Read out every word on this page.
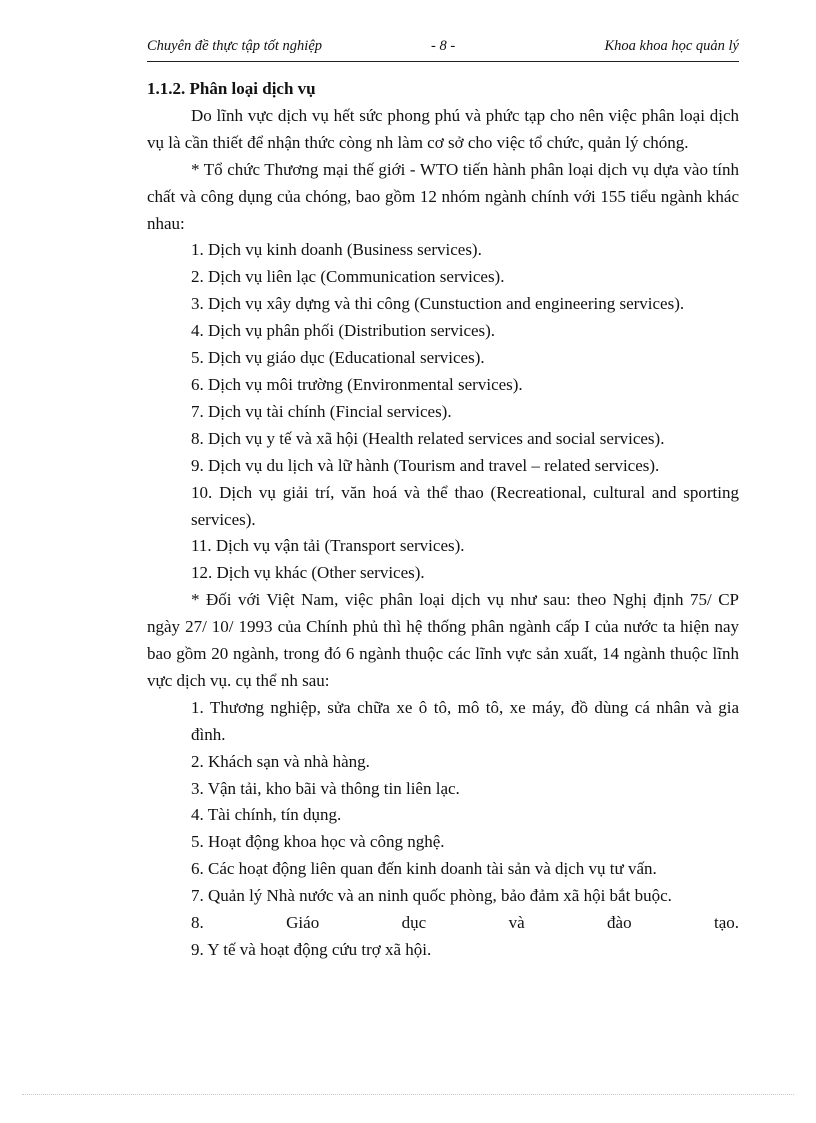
Chuyên đề thực tập tốt nghiệp	- 8 -	Khoa khoa học quản lý

1.1.2. Phân loại dịch vụ

Do lĩnh vực dịch vụ hết sức phong phú và phức tạp cho nên việc phân loại dịch vụ là cần thiết để nhận thức còng nh làm cơ sở cho việc tổ chức, quản lý chóng.

* Tổ chức Thương mại thế giới - WTO tiến hành phân loại dịch vụ dựa vào tính chất và công dụng của chóng, bao gồm 12 nhóm ngành chính với 155 tiểu ngành khác nhau:

1. Dịch vụ kinh doanh (Business services).

2. Dịch vụ liên lạc (Communication services).

3. Dịch vụ xây dựng và thi công (Cunstuction and engineering services).

4. Dịch vụ phân phối (Distribution services).

5. Dịch vụ giáo dục (Educational services).

6. Dịch vụ môi trường (Environmental services).

7. Dịch vụ tài chính (Fincial services).

8. Dịch vụ y tế và xã hội (Health related services and social services).

9. Dịch vụ du lịch và lữ hành (Tourism and travel – related services).

10. Dịch vụ giải trí, văn hoá và thể thao (Recreational, cultural and sporting services).

11. Dịch vụ vận tải (Transport services).

12. Dịch vụ khác (Other services).

* Đối với Việt Nam, việc phân loại dịch vụ như sau: theo Nghị định 75/ CP ngày 27/ 10/ 1993 của Chính phủ thì hệ thống phân ngành cấp I của nước ta hiện nay bao gồm 20 ngành, trong đó 6 ngành thuộc các lĩnh vực sản xuất, 14 ngành thuộc lĩnh vực dịch vụ. cụ thể nh sau:

1. Thương nghiệp, sửa chữa xe ô tô, mô tô, xe máy, đồ dùng cá nhân và gia đình.

2. Khách sạn và nhà hàng.

3. Vận tải, kho bãi và thông tin liên lạc.

4. Tài chính, tín dụng.

5. Hoạt động khoa học và công nghệ.

6. Các hoạt động liên quan đến kinh doanh tài sản và dịch vụ tư vấn.

7. Quản lý Nhà nước và an ninh quốc phòng, bảo đảm xã hội bắt buộc.

8. Giáo dục và đào tạo.

9. Y tế và hoạt động cứu trợ xã hội.
